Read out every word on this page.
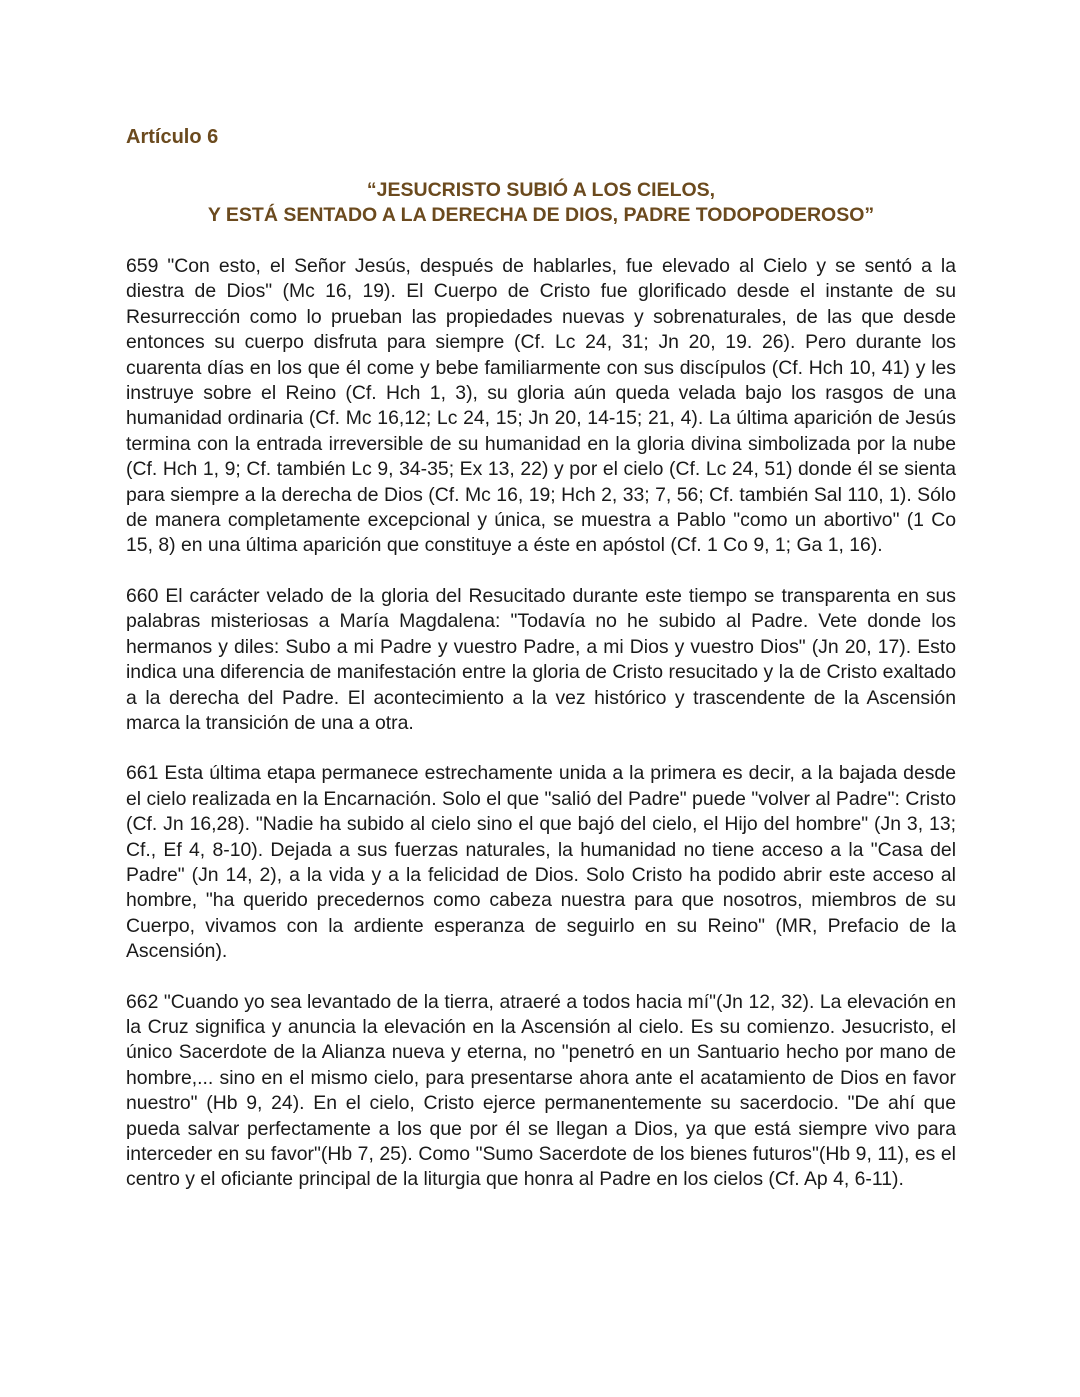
Artículo 6
“JESUCRISTO SUBIÓ A LOS CIELOS,
Y ESTÁ SENTADO A LA DERECHA DE DIOS, PADRE TODOPODEROSO”

659 "Con esto, el Señor Jesús, después de hablarles, fue elevado al Cielo y se sentó a la diestra de Dios" (Mc 16, 19). El Cuerpo de Cristo fue glorificado desde el instante de su Resurrección como lo prueban las propiedades nuevas y sobrenaturales, de las que desde entonces su cuerpo disfruta para siempre (Cf. Lc 24, 31; Jn 20, 19. 26). Pero durante los cuarenta días en los que él come y bebe familiarmente con sus discípulos (Cf. Hch 10, 41) y les instruye sobre el Reino (Cf. Hch 1, 3), su gloria aún queda velada bajo los rasgos de una humanidad ordinaria (Cf. Mc 16,12; Lc 24, 15; Jn 20, 14-15; 21, 4). La última aparición de Jesús termina con la entrada irreversible de su humanidad en la gloria divina simbolizada por la nube (Cf. Hch 1, 9; Cf. también Lc 9, 34-35; Ex 13, 22) y por el cielo (Cf. Lc 24, 51) donde él se sienta para siempre a la derecha de Dios (Cf. Mc 16, 19; Hch 2, 33; 7, 56; Cf. también Sal 110, 1). Sólo de manera completamente excepcional y única, se muestra a Pablo "como un abortivo" (1 Co 15, 8) en una última aparición que constituye a éste en apóstol (Cf. 1 Co 9, 1; Ga 1, 16).

660 El carácter velado de la gloria del Resucitado durante este tiempo se transparenta en sus palabras misteriosas a María Magdalena: "Todavía no he subido al Padre. Vete donde los hermanos y diles: Subo a mi Padre y vuestro Padre, a mi Dios y vuestro Dios" (Jn 20, 17). Esto indica una diferencia de manifestación entre la gloria de Cristo resucitado y la de Cristo exaltado a la derecha del Padre. El acontecimiento a la vez histórico y trascendente de la Ascensión marca la transición de una a otra.

661 Esta última etapa permanece estrechamente unida a la primera es decir, a la bajada desde el cielo realizada en la Encarnación. Solo el que "salió del Padre" puede "volver al Padre": Cristo (Cf. Jn 16,28). "Nadie ha subido al cielo sino el que bajó del cielo, el Hijo del hombre" (Jn 3, 13; Cf., Ef 4, 8-10). Dejada a sus fuerzas naturales, la humanidad no tiene acceso a la "Casa del Padre" (Jn 14, 2), a la vida y a la felicidad de Dios. Solo Cristo ha podido abrir este acceso al hombre, "ha querido precedernos como cabeza nuestra para que nosotros, miembros de su Cuerpo, vivamos con la ardiente esperanza de seguirlo en su Reino" (MR, Prefacio de la Ascensión).

662 "Cuando yo sea levantado de la tierra, atraeré a todos hacia mí"(Jn 12, 32). La elevación en la Cruz significa y anuncia la elevación en la Ascensión al cielo. Es su comienzo. Jesucristo, el único Sacerdote de la Alianza nueva y eterna, no "penetró en un Santuario hecho por mano de hombre,... sino en el mismo cielo, para presentarse ahora ante el acatamiento de Dios en favor nuestro" (Hb 9, 24). En el cielo, Cristo ejerce permanentemente su sacerdocio. "De ahí que pueda salvar perfectamente a los que por él se llegan a Dios, ya que está siempre vivo para interceder en su favor"(Hb 7, 25). Como "Sumo Sacerdote de los bienes futuros"(Hb 9, 11), es el centro y el oficiante principal de la liturgia que honra al Padre en los cielos (Cf. Ap 4, 6-11).
